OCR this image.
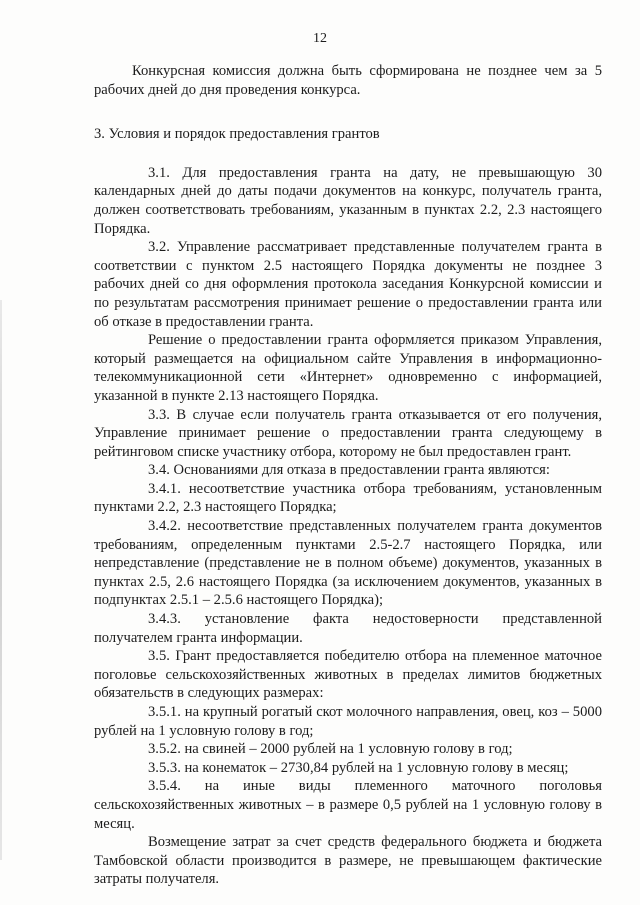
12

Конкурсная комиссия должна быть сформирована не позднее чем за 5 рабочих дней до дня проведения конкурса.

3. Условия и порядок предоставления грантов

3.1. Для предоставления гранта на дату, не превышающую 30 календарных дней до даты подачи документов на конкурс, получатель гранта, должен соответствовать требованиям, указанным в пунктах 2.2, 2.3 настоящего Порядка.

3.2. Управление рассматривает представленные получателем гранта в соответствии с пунктом 2.5 настоящего Порядка документы не позднее 3 рабочих дней со дня оформления протокола заседания Конкурсной комиссии и по результатам рассмотрения принимает решение о предоставлении гранта или об отказе в предоставлении гранта.

Решение о предоставлении гранта оформляется приказом Управления, который размещается на официальном сайте Управления в информационно-телекоммуникационной сети «Интернет» одновременно с информацией, указанной в пункте 2.13 настоящего Порядка.

3.3. В случае если получатель гранта отказывается от его получения, Управление принимает решение о предоставлении гранта следующему в рейтинговом списке участнику отбора, которому не был предоставлен грант.

3.4. Основаниями для отказа в предоставлении гранта являются:

3.4.1. несоответствие участника отбора требованиям, установленным пунктами 2.2, 2.3 настоящего Порядка;

3.4.2. несоответствие представленных получателем гранта документов требованиям, определенным пунктами 2.5-2.7 настоящего Порядка, или непредставление (представление не в полном объеме) документов, указанных в пунктах 2.5, 2.6 настоящего Порядка (за исключением документов, указанных в подпунктах 2.5.1 – 2.5.6 настоящего Порядка);

3.4.3. установление факта недостоверности представленной получателем гранта информации.

3.5. Грант предоставляется победителю отбора на племенное маточное поголовье сельскохозяйственных животных в пределах лимитов бюджетных обязательств в следующих размерах:

3.5.1. на крупный рогатый скот молочного направления, овец, коз – 5000 рублей на 1 условную голову в год;

3.5.2. на свиней – 2000 рублей на 1 условную голову в год;

3.5.3. на конематок – 2730,84 рублей на 1 условную голову в месяц;

3.5.4. на иные виды племенного маточного поголовья сельскохозяйственных животных – в размере 0,5 рублей на 1 условную голову в месяц.

Возмещение затрат за счет средств федерального бюджета и бюджета Тамбовской области производится в размере, не превышающем фактические затраты получателя.
